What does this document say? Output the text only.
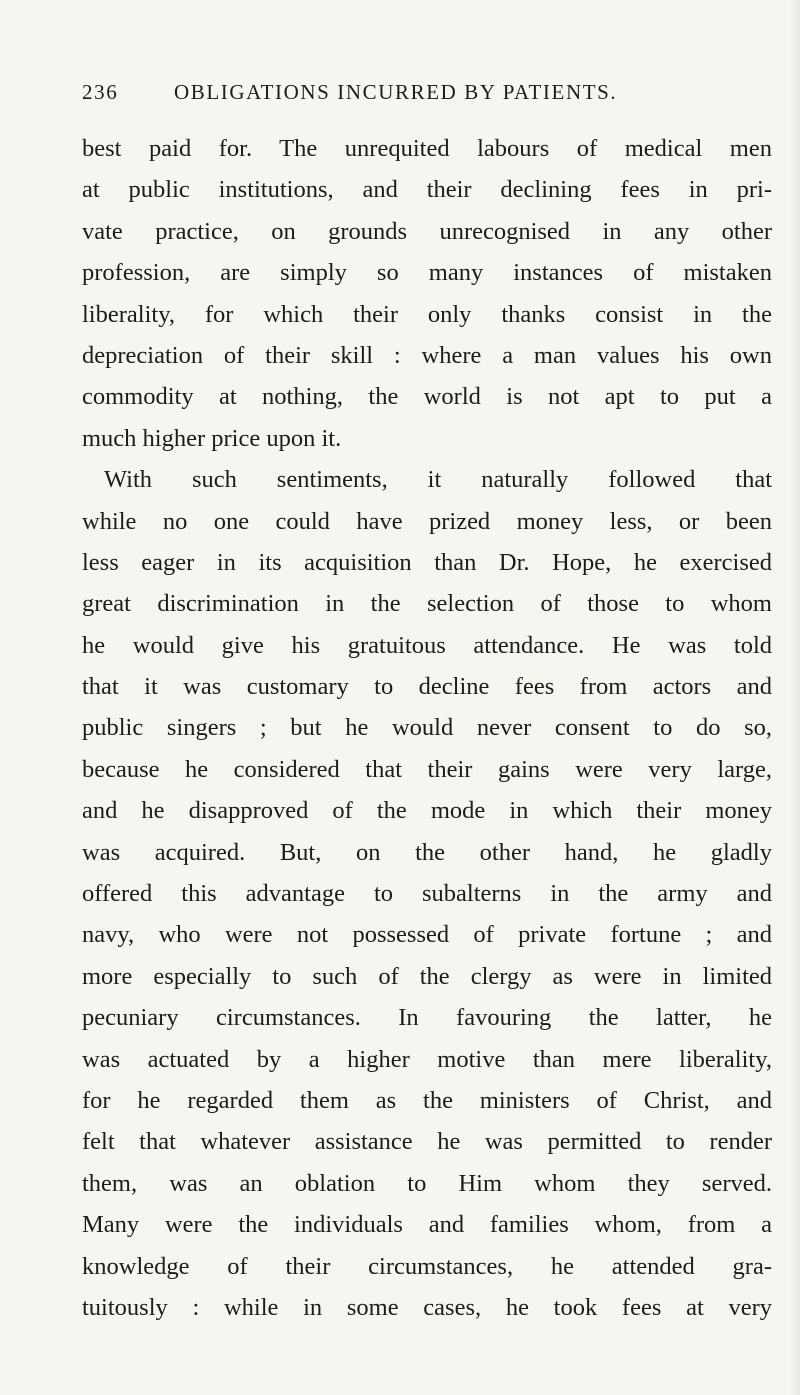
236	OBLIGATIONS INCURRED BY PATIENTS.
best paid for. The unrequited labours of medical men
at public institutions, and their declining fees in pri-
vate practice, on grounds unrecognised in any other
profession, are simply so many instances of mistaken
liberality, for which their only thanks consist in the
depreciation of their skill : where a man values his own
commodity at nothing, the world is not apt to put a
much higher price upon it.
With such sentiments, it naturally followed that
while no one could have prized money less, or been
less eager in its acquisition than Dr. Hope, he exercised
great discrimination in the selection of those to whom
he would give his gratuitous attendance. He was told
that it was customary to decline fees from actors and
public singers ; but he would never consent to do so,
because he considered that their gains were very large,
and he disapproved of the mode in which their money
was acquired. But, on the other hand, he gladly
offered this advantage to subalterns in the army and
navy, who were not possessed of private fortune ; and
more especially to such of the clergy as were in limited
pecuniary circumstances. In favouring the latter, he
was actuated by a higher motive than mere liberality,
for he regarded them as the ministers of Christ, and
felt that whatever assistance he was permitted to render
them, was an oblation to Him whom they served.
Many were the individuals and families whom, from a
knowledge of their circumstances, he attended gra-
tuitously : while in some cases, he took fees at very
